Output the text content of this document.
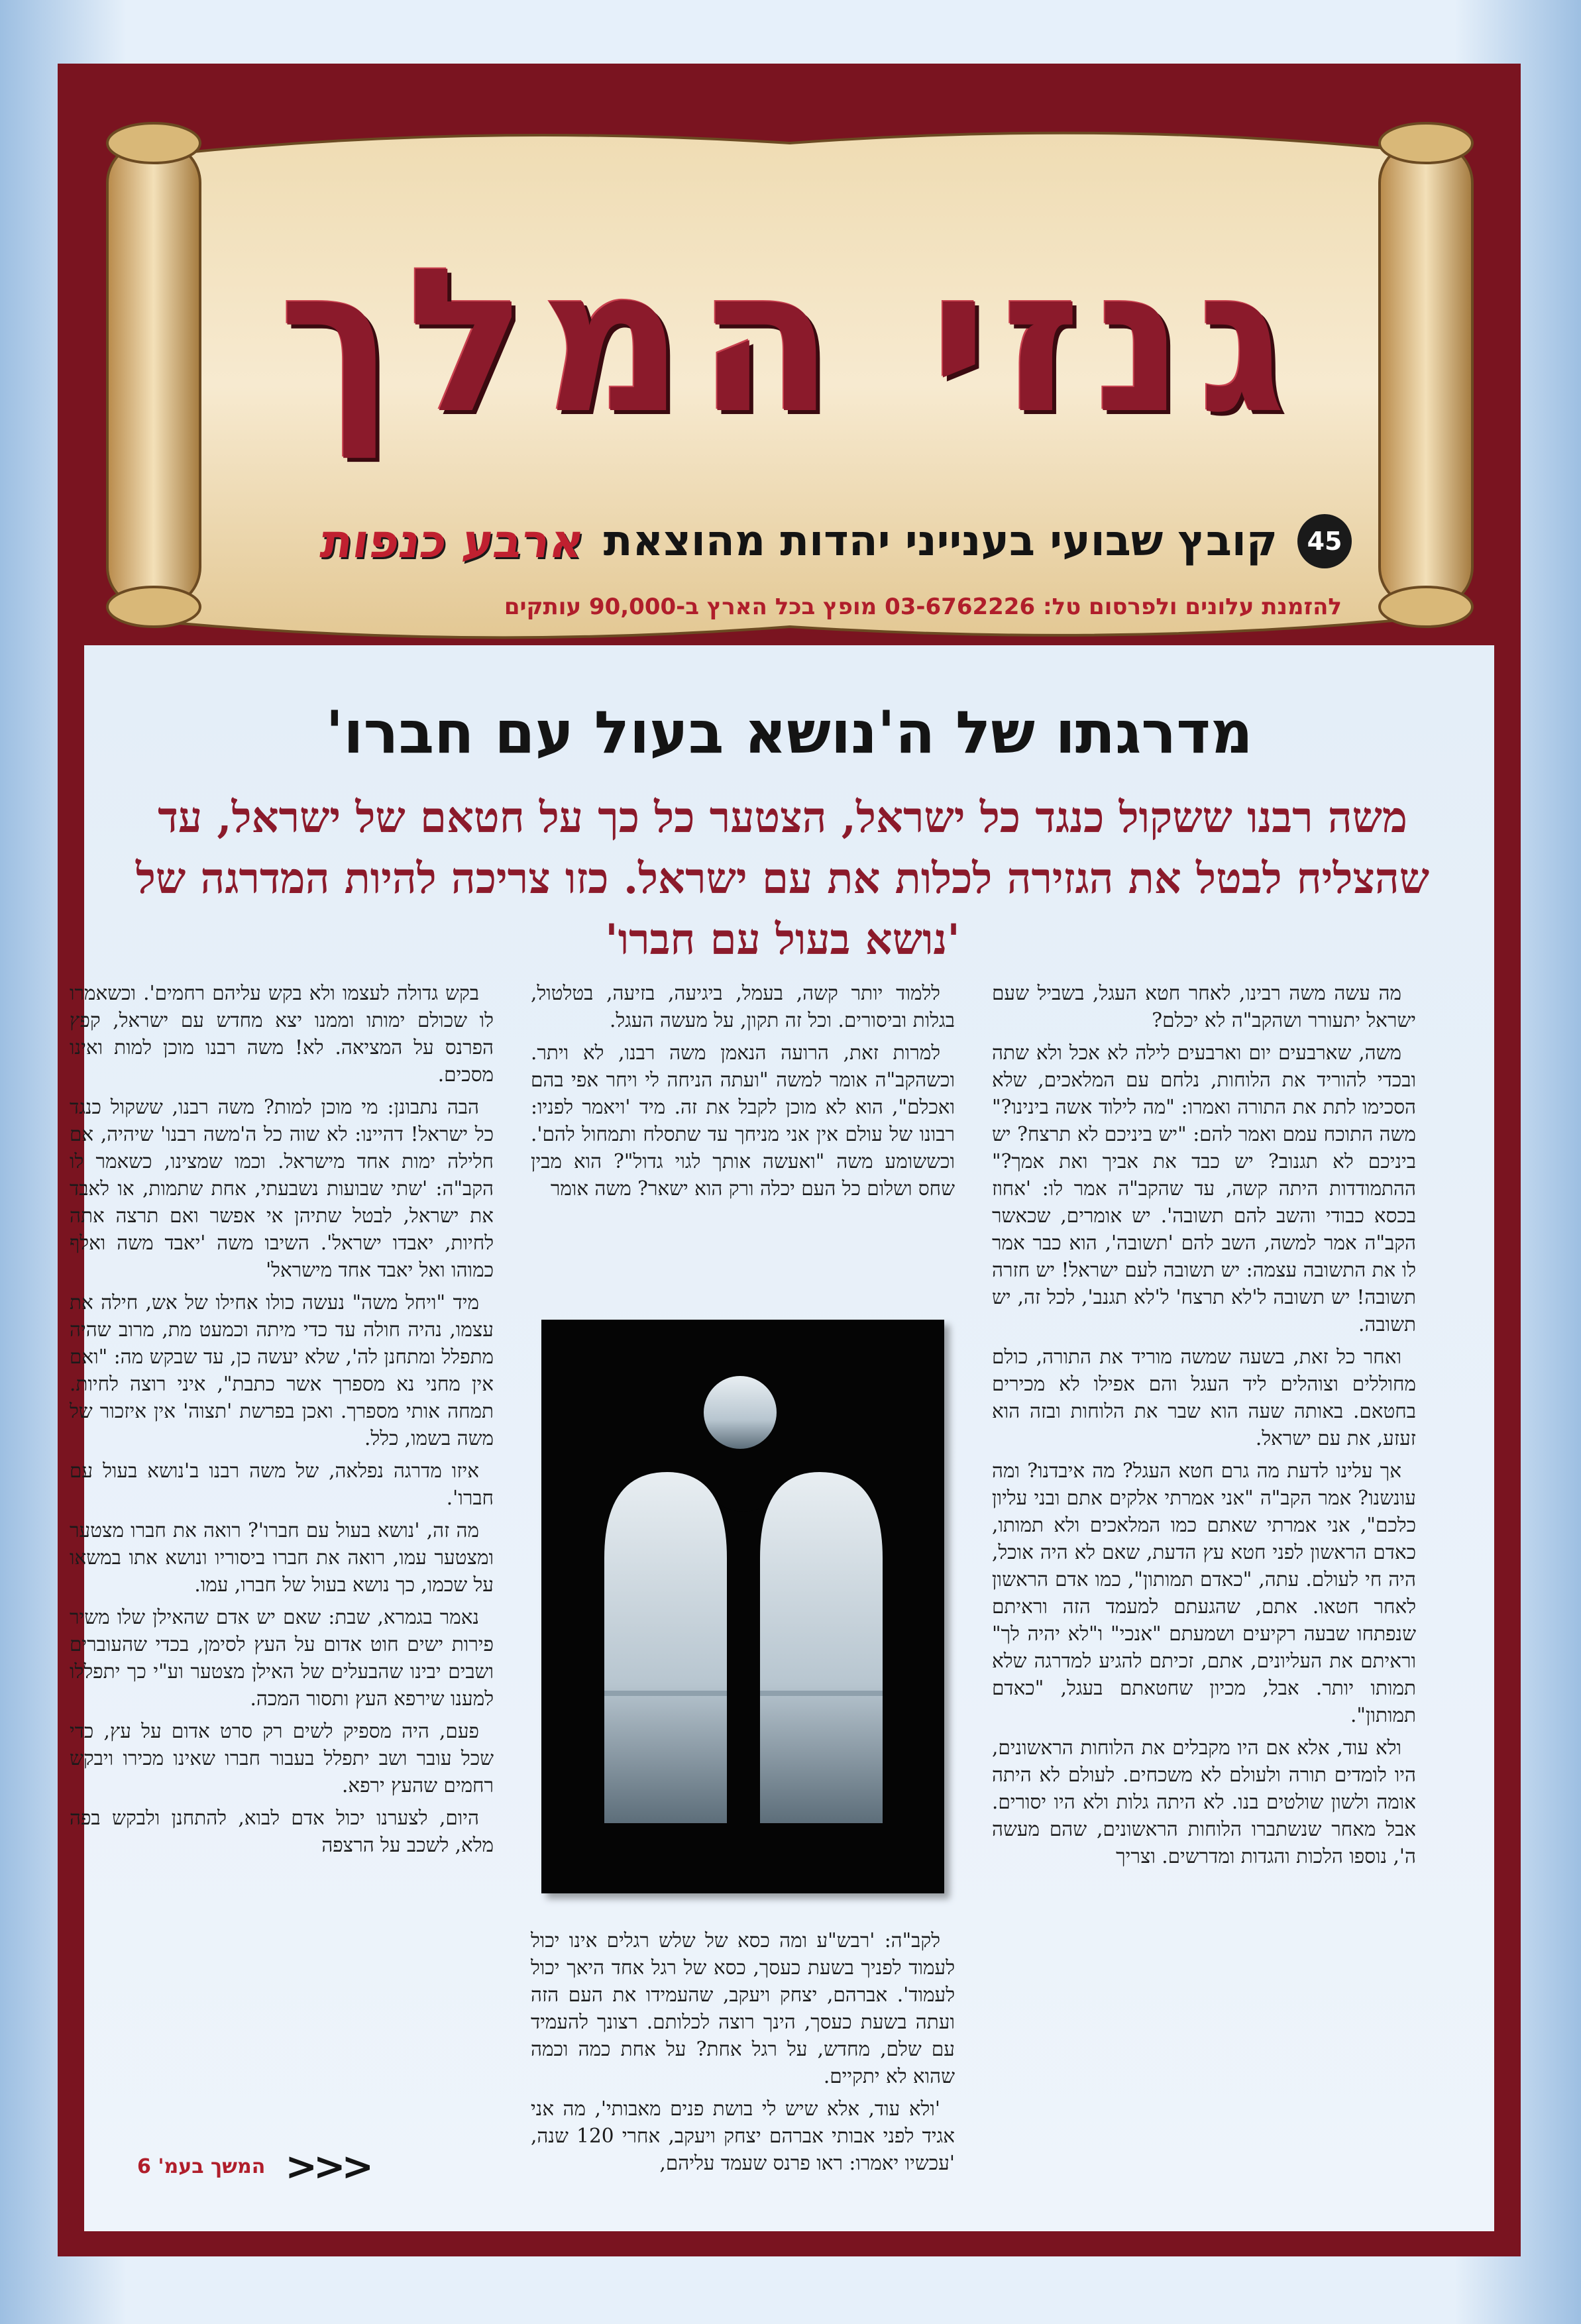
גנזי המלך
45
קובץ שבועי בענייני יהדות מהוצאת
ארבע כנפות
להזמנת עלונים ולפרסום טל: 03-6762226 מופץ בכל הארץ ב-90,000 עותקים
מדרגתו של ה'נושא בעול עם חברו'
משה רבנו ששקול כנגד כל ישראל, הצטער כל כך על חטאם של ישראל, עד שהצליח לבטל את הגזירה לכלות את עם ישראל. כזו צריכה להיות המדרגה של 'נושא בעול עם חברו'

מה עשה משה רבינו, לאחר חטא העגל, בשביל שעם ישראל יתעורר ושהקב"ה לא יכלם?

משה, שארבעים יום וארבעים לילה לא אכל ולא שתה ובכדי להוריד את הלוחות, נלחם עם המלאכים, שלא הסכימו לתת את התורה ואמרו: "מה לילוד אשה בינינו?" משה התוכח עמם ואמר להם: "יש ביניכם לא תרצח? יש ביניכם לא תגנוב? יש כבד את אביך ואת אמך?" ההתמודדות היתה קשה, עד שהקב"ה אמר לו: 'אחוז בכסא כבודי והשב להם תשובה'. יש אומרים, שכאשר הקב"ה אמר למשה, השב להם 'תשובה', הוא כבר אמר לו את התשובה עצמה: יש תשובה לעם ישראל! יש חזרה תשובה! יש תשובה ל'לא תרצח' ל'לא תגנב', לכל זה, יש תשובה.

ואחר כל זאת, בשעה שמשה מוריד את התורה, כולם מחוללים וצוהלים ליד העגל והם אפילו לא מכירים בחטאם. באותה שעה הוא שבר את הלוחות ובזה הוא זעזע, את עם ישראל.

אך עלינו לדעת מה גרם חטא העגל? מה איבדנו? ומה עונשנו? אמר הקב"ה "אני אמרתי אלקים אתם ובני עליון כלכם", אני אמרתי שאתם כמו המלאכים ולא תמותו, כאדם הראשון לפני חטא עץ הדעת, שאם לא היה אוכל, היה חי לעולם. עתה, "כאדם תמותון", כמו אדם הראשון לאחר חטאו. אתם, שהגעתם למעמד הזה וראיתם שנפתחו שבעה רקיעים ושמעתם "אנכי" ו"לא יהיה לך" וראיתם את העליונים, אתם, זכיתם להגיע למדרגה שלא תמותו יותר. אבל, מכיון שחטאתם בעגל, "כאדם תמותון".

ולא עוד, אלא אם היו מקבלים את הלוחות הראשונים, היו לומדים תורה ולעולם לא משכחים. לעולם לא היתה אומה ולשון שולטים בנו. לא היתה גלות ולא היו יסורים. אבל מאחר שנשתברו הלוחות הראשונים, שהם מעשה ה', נוספו הלכות והגדות ומדרשים. וצריך

ללמוד יותר קשה, בעמל, ביגיעה, בזיעה, בטלטול, בגלות וביסורים. וכל זה תקון, על מעשה העגל.

למרות זאת, הרועה הנאמן משה רבנו, לא ויתר. וכשהקב"ה אומר למשה "ועתה הניחה לי ויחר אפי בהם ואכלם", הוא לא מוכן לקבל את זה. מיד 'ויאמר לפניו: רבונו של עולם אין אני מניחך עד שתסלח ותמחול להם'. וכששומע משה "ואעשה אותך לגוי גדול"? הוא מבין שחס ושלום כל העם יכלה ורק הוא ישאר? משה אומר

לקב"ה: 'רבש"ע ומה כסא של שלש רגלים אינו יכול לעמוד לפניך בשעת כעסך, כסא של רגל אחד היאך יכול לעמוד'. אברהם, יצחק ויעקב, שהעמידו את העם הזה ועתה בשעת כעסך, הינך רוצה לכלותם. רצונך להעמיד עם שלם, מחדש, על רגל אחת? על אחת כמה וכמה שהוא לא יתקיים.

'ולא עוד, אלא שיש לי בושת פנים מאבותי', מה אני אגיד לפני אבותי אברהם יצחק ויעקב, אחרי 120 שנה, 'עכשיו יאמרו: ראו פרנס שעמד עליהם,

בקש גדולה לעצמו ולא בקש עליהם רחמים'. וכשאמרו לו שכולם ימותו וממנו יצא מחדש עם ישראל, קפץ הפרנס על המציאה. לא! משה רבנו מוכן למות ואינו מסכים.

הבה נתבונן: מי מוכן למות? משה רבנו, ששקול כנגד כל ישראל! דהיינו: לא שוה כל ה'משה רבנו' שיהיה, אם חלילה ימות אחד מישראל. וכמו שמצינו, כשאמר לו הקב"ה: 'שתי שבועות נשבעתי, אחת שתמות, או לאבד את ישראל, לבטל שתיהן אי אפשר ואם תרצה אתה לחיות, יאבדו ישראל'. השיבו משה 'יאבד משה ואלף כמוהו ואל יאבד אחד מישראל'

מיד "ויחל משה" נעשה כולו אחילו של אש, חילה את עצמו, נהיה חולה עד כדי מיתה וכמעט מת, מרוב שהיה מתפלל ומתחנן לה', שלא יעשה כן, עד שבקש מה: "ואם אין מחני נא מספרך אשר כתבת", איני רוצה לחיות. תמחה אותי מספרך. ואכן בפרשת 'תצוה' אין איזכור של משה בשמו, כלל.

איזו מדרגה נפלאה, של משה רבנו ב'נושא בעול עם חברו'.

מה זה, 'נושא בעול עם חברו'? רואה את חברו מצטער ומצטער עמו, רואה את חברו ביסוריו ונושא אתו במשאו על שכמו, כך נושא בעול של חברו, עמו.

נאמר בגמרא, שבת: שאם יש אדם שהאילן שלו משיר פירות ישים חוט אדום על העץ לסימן, בכדי שהעוברים ושבים יבינו שהבעלים של האילן מצטער וע"י כך יתפללו למענו שירפא העץ ותסור המכה.

פעם, היה מספיק לשים רק סרט אדום על עץ, כדי שכל עובר ושב יתפלל בעבור חברו שאינו מכירו ויבקש רחמים שהעץ ירפא.

היום, לצערנו יכול אדם לבוא, להתחנן ולבקש בפה מלא, לשכב על הרצפה

<<<
המשך בעמ' 6
